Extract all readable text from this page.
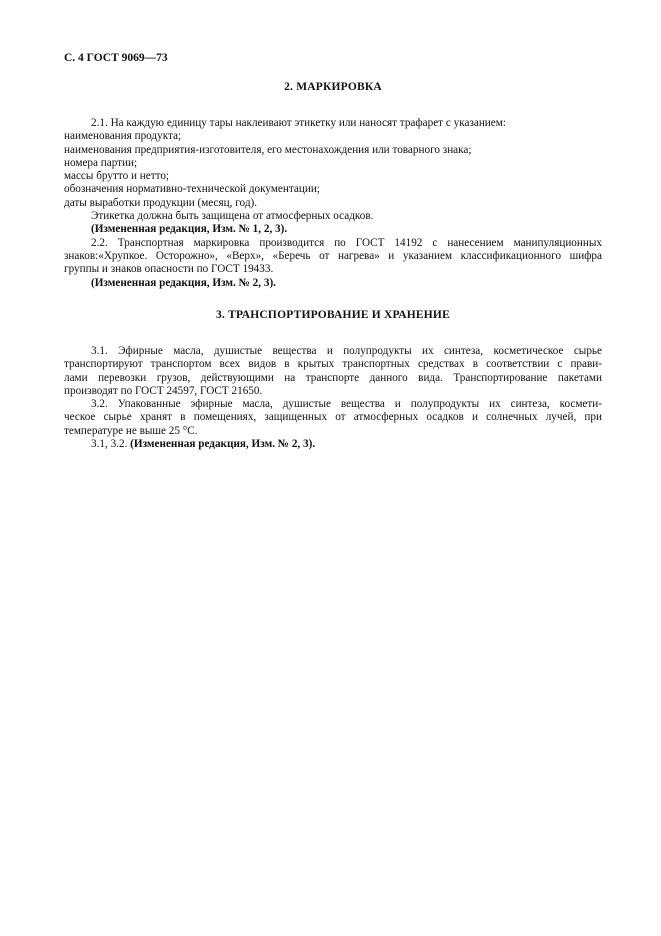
С. 4 ГОСТ 9069—73
2. МАРКИРОВКА

2.1. На каждую единицу тары наклеивают этикетку или наносят трафарет с указанием:

наименования продукта;

наименования предприятия-изготовителя, его местонахождения или товарного знака;

номера партии;

массы брутто и нетто;

обозначения нормативно-технической документации;

даты выработки продукции (месяц, год).

Этикетка должна быть защищена от атмосферных осадков.

(Измененная редакция, Изм. № 1, 2, 3).

2.2. Транспортная маркировка производится по ГОСТ 14192 с нанесением манипуляционных

знаков:«Хрупкое. Осторожно», «Верх», «Беречь от нагрева» и указанием классификационного шифра

группы и знаков опасности по ГОСТ 19433.

(Измененная редакция, Изм. № 2, 3).

3. ТРАНСПОРТИРОВАНИЕ И ХРАНЕНИЕ

3.1. Эфирные масла, душистые вещества и полупродукты их синтеза, косметическое сырье

транспортируют транспортом всех видов в крытых транспортных средствах в соответствии с прави-

лами перевозки грузов, действующими на транспорте данного вида. Транспортирование пакетами

производят по ГОСТ 24597, ГОСТ 21650.

3.2. Упакованные эфирные масла, душистые вещества и полупродукты их синтеза, космети-

ческое сырье хранят в помещениях, защищенных от атмосферных осадков и солнечных лучей, при

температуре не выше 25 °С.

3.1, 3.2. (Измененная редакция, Изм. № 2, 3).
